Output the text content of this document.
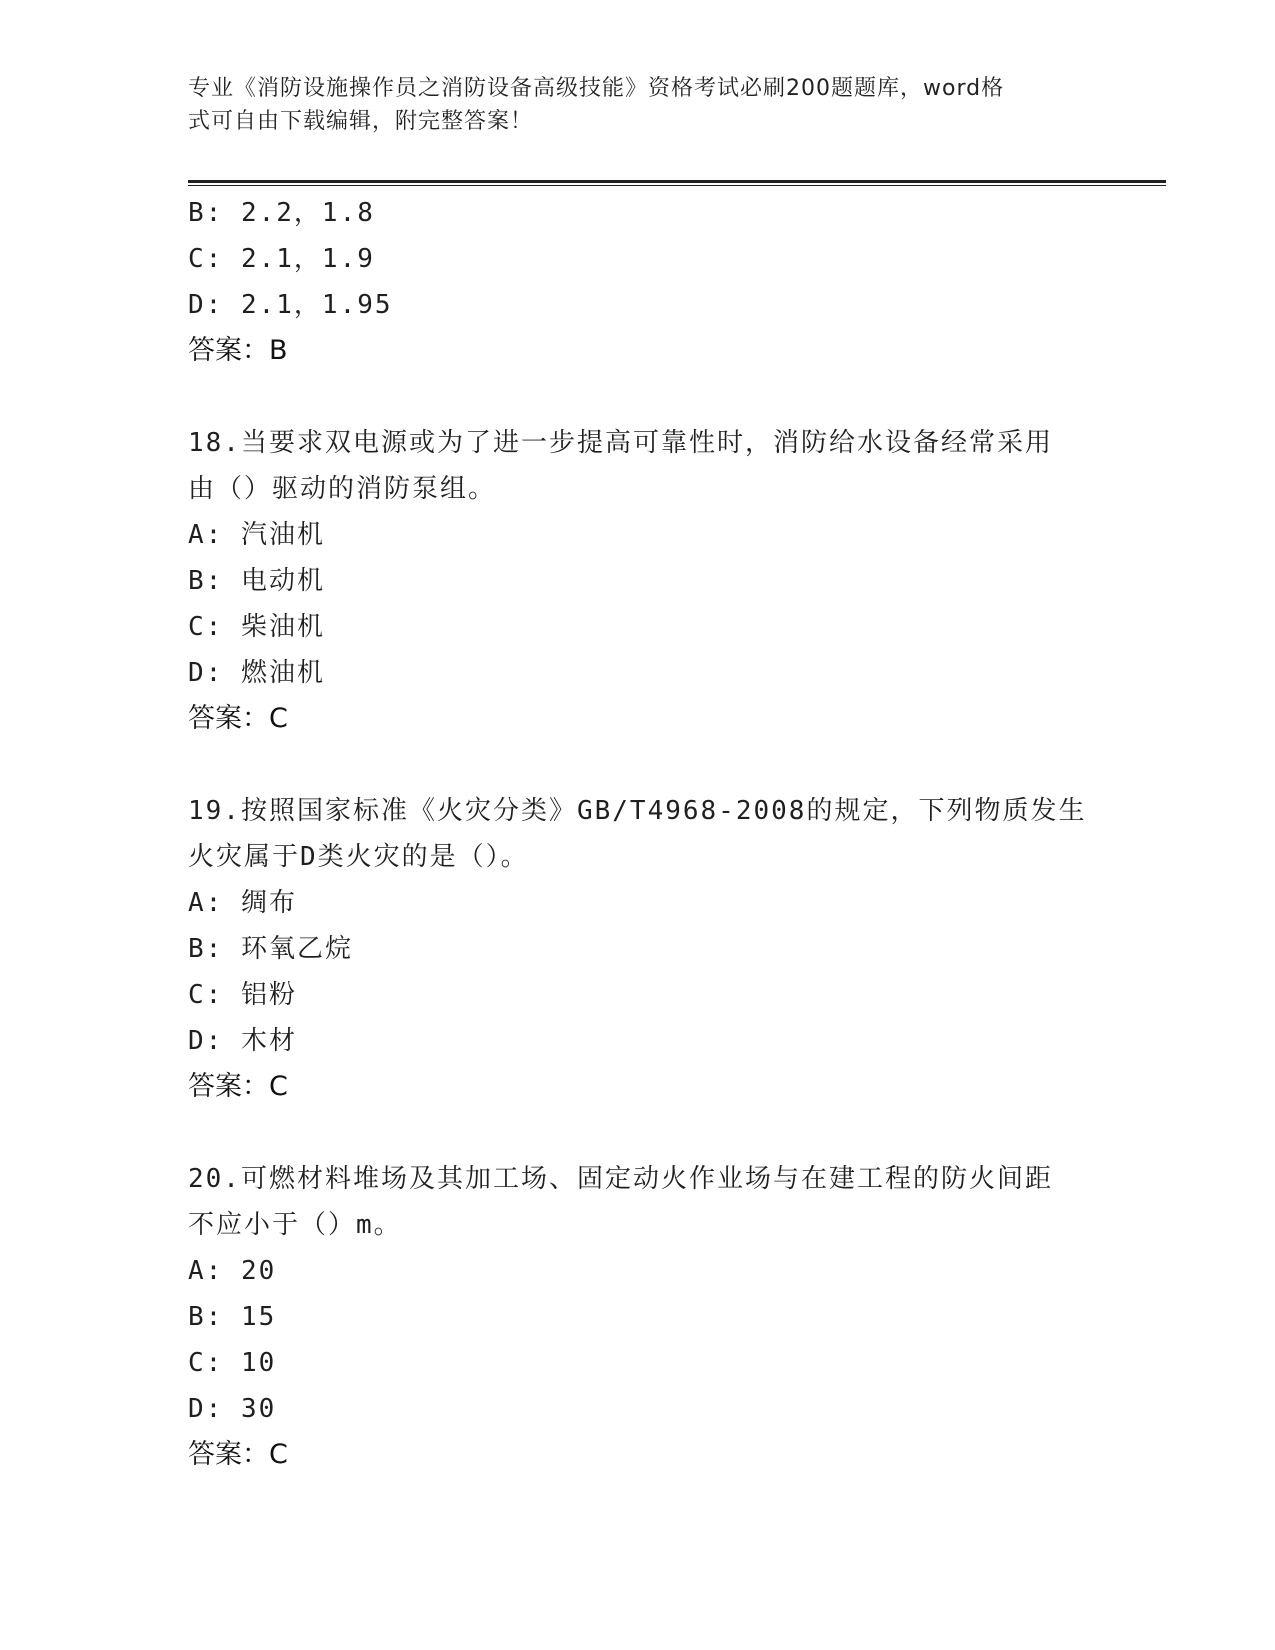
专业《消防设施操作员之消防设备高级技能》资格考试必刷200题题库，word格
式可自由下载编辑，附完整答案！
B: 2.2，1.8
C: 2.1，1.9
D: 2.1，1.95
答案：B
18.当要求双电源或为了进一步提高可靠性时，消防给水设备经常采用
由（）驱动的消防泵组。
A: 汽油机
B: 电动机
C: 柴油机
D: 燃油机
答案：C
19.按照国家标准《火灾分类》GB/T4968-2008的规定，下列物质发生
火灾属于D类火灾的是（）。
A: 绸布
B: 环氧乙烷
C: 铝粉
D: 木材
答案：C
20.可燃材料堆场及其加工场、固定动火作业场与在建工程的防火间距
不应小于（）m。
A: 20
B: 15
C: 10
D: 30
答案：C
